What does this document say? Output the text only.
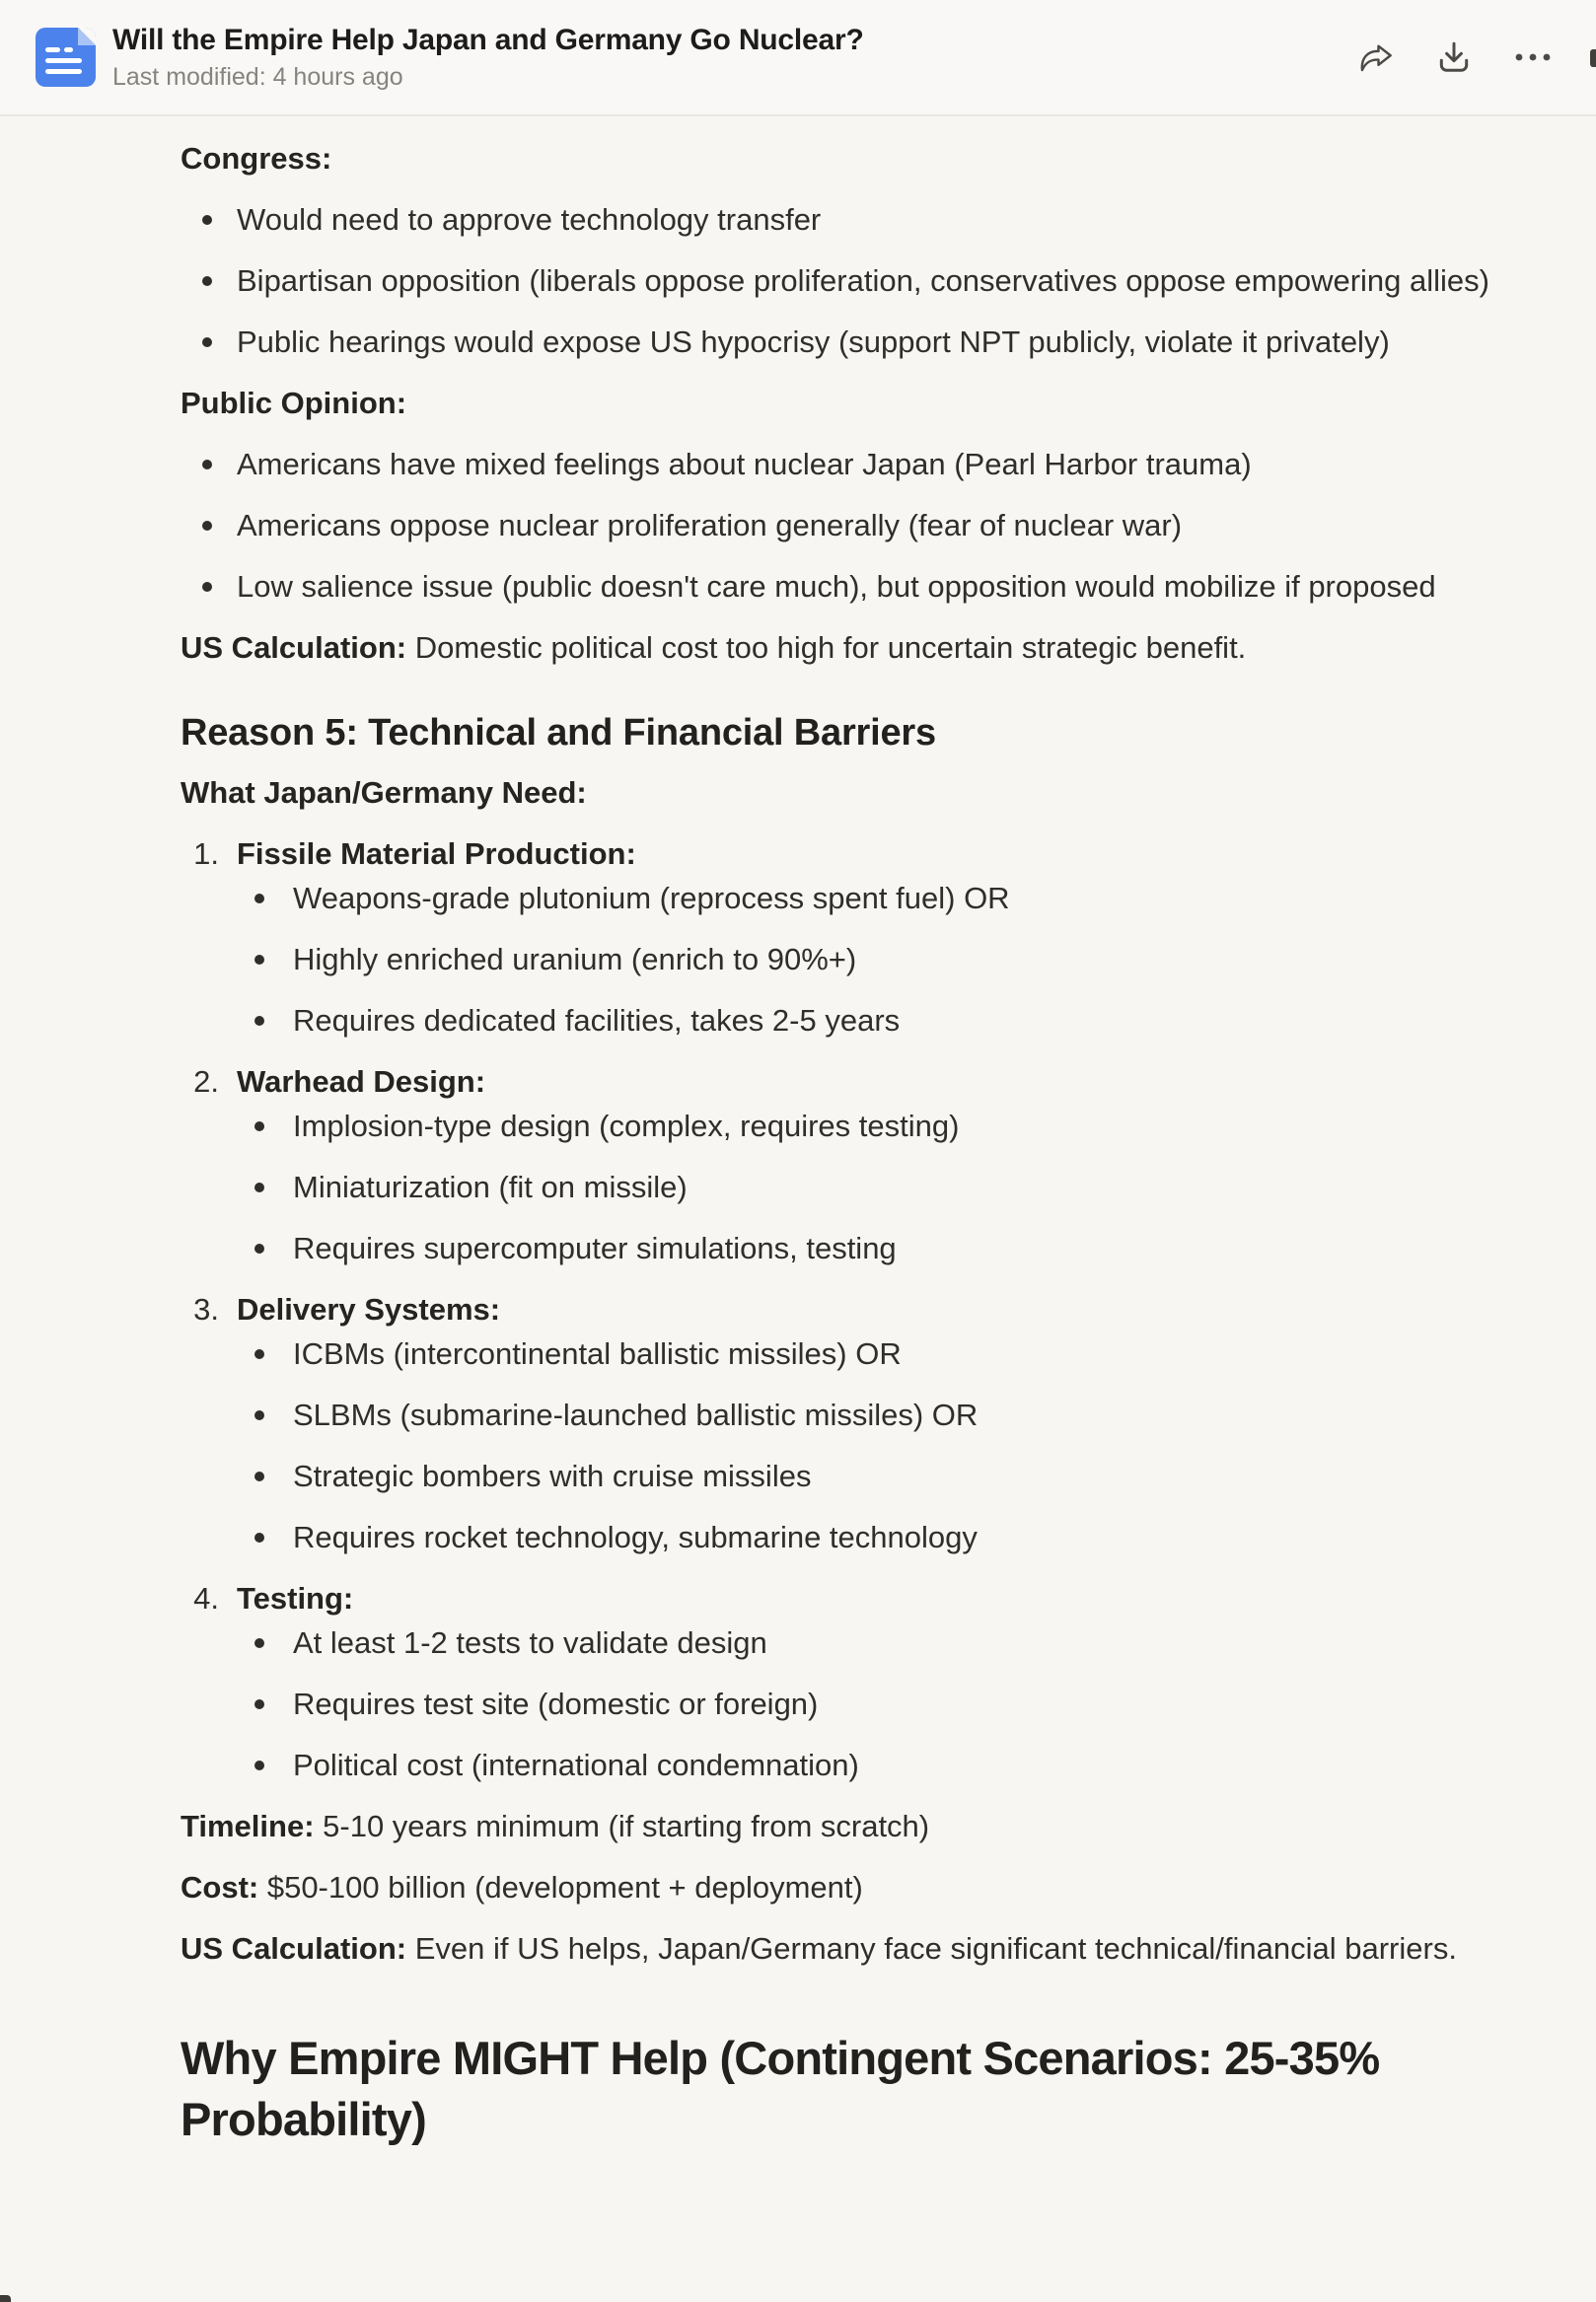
Will the Empire Help Japan and Germany Go Nuclear?
Last modified: 4 hours ago

Congress:

Would need to approve technology transfer
Bipartisan opposition (liberals oppose proliferation, conservatives oppose empowering allies)
Public hearings would expose US hypocrisy (support NPT publicly, violate it privately)

Public Opinion:

Americans have mixed feelings about nuclear Japan (Pearl Harbor trauma)
Americans oppose nuclear proliferation generally (fear of nuclear war)
Low salience issue (public doesn't care much), but opposition would mobilize if proposed

US Calculation: Domestic political cost too high for uncertain strategic benefit.

Reason 5: Technical and Financial Barriers

What Japan/Germany Need:

1. Fissile Material Production:
Weapons-grade plutonium (reprocess spent fuel) OR
Highly enriched uranium (enrich to 90%+)
Requires dedicated facilities, takes 2-5 years
2. Warhead Design:
Implosion-type design (complex, requires testing)
Miniaturization (fit on missile)
Requires supercomputer simulations, testing
3. Delivery Systems:
ICBMs (intercontinental ballistic missiles) OR
SLBMs (submarine-launched ballistic missiles) OR
Strategic bombers with cruise missiles
Requires rocket technology, submarine technology
4. Testing:
At least 1-2 tests to validate design
Requires test site (domestic or foreign)
Political cost (international condemnation)

Timeline: 5-10 years minimum (if starting from scratch)

Cost: $50-100 billion (development + deployment)

US Calculation: Even if US helps, Japan/Germany face significant technical/financial barriers.

Why Empire MIGHT Help (Contingent Scenarios: 25-35% Probability)
